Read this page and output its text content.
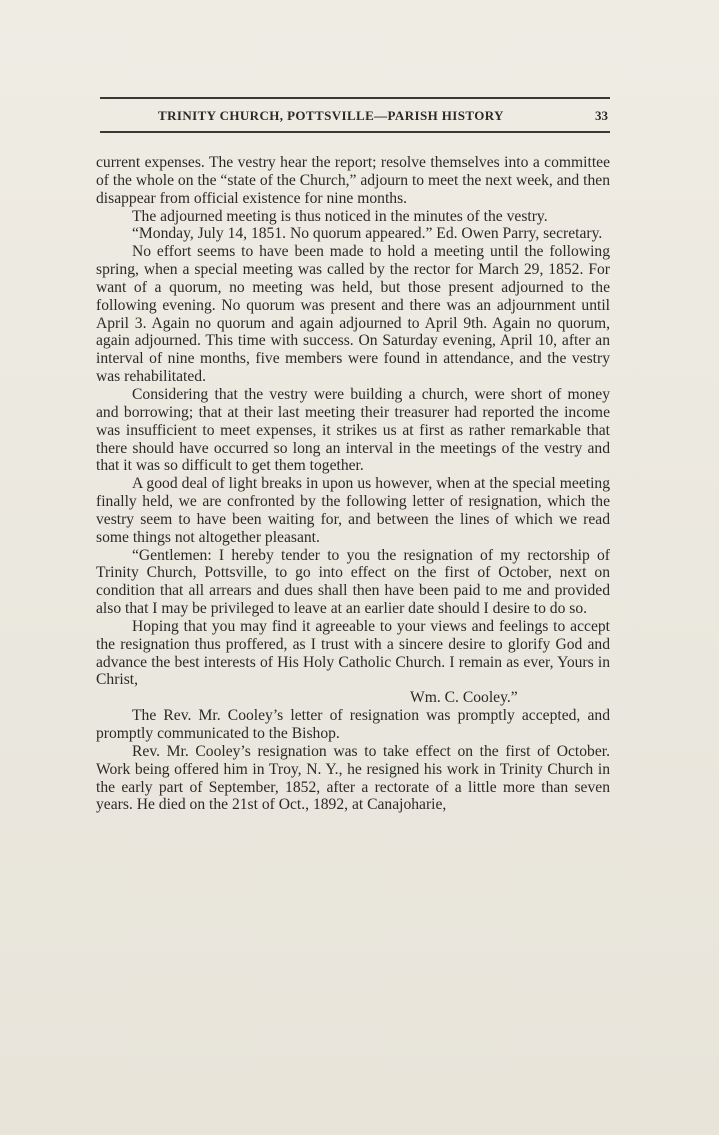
TRINITY CHURCH, POTTSVILLE—PARISH HISTORY	33

current expenses. The vestry hear the report; resolve themselves into a committee of the whole on the “state of the Church,” adjourn to meet the next week, and then disappear from official existence for nine months.

The adjourned meeting is thus noticed in the minutes of the vestry.

“Monday, July 14, 1851. No quorum appeared.” Ed. Owen Parry, secretary.

No effort seems to have been made to hold a meeting until the following spring, when a special meeting was called by the rector for March 29, 1852. For want of a quorum, no meeting was held, but those present adjourned to the following evening. No quorum was present and there was an adjournment until April 3. Again no quorum and again adjourned to April 9th. Again no quorum, again adjourned. This time with success. On Saturday evening, April 10, after an interval of nine months, five members were found in attendance, and the vestry was rehabilitated.

Considering that the vestry were building a church, were short of money and borrowing; that at their last meeting their treasurer had reported the income was insufficient to meet expenses, it strikes us at first as rather remarkable that there should have occurred so long an interval in the meetings of the vestry and that it was so difficult to get them together.

A good deal of light breaks in upon us however, when at the special meeting finally held, we are confronted by the following letter of resignation, which the vestry seem to have been waiting for, and between the lines of which we read some things not altogether pleasant.

“Gentlemen: I hereby tender to you the resignation of my rectorship of Trinity Church, Pottsville, to go into effect on the first of October, next on condition that all arrears and dues shall then have been paid to me and provided also that I may be privileged to leave at an earlier date should I desire to do so.

Hoping that you may find it agreeable to your views and feelings to accept the resignation thus proffered, as I trust with a sincere desire to glorify God and advance the best interests of His Holy Catholic Church. I remain as ever, Yours in Christ,

Wm. C. Cooley.”

The Rev. Mr. Cooley’s letter of resignation was promptly accepted, and promptly communicated to the Bishop.

Rev. Mr. Cooley’s resignation was to take effect on the first of October. Work being offered him in Troy, N. Y., he resigned his work in Trinity Church in the early part of September, 1852, after a rectorate of a little more than seven years. He died on the 21st of Oct., 1892, at Canajoharie,
